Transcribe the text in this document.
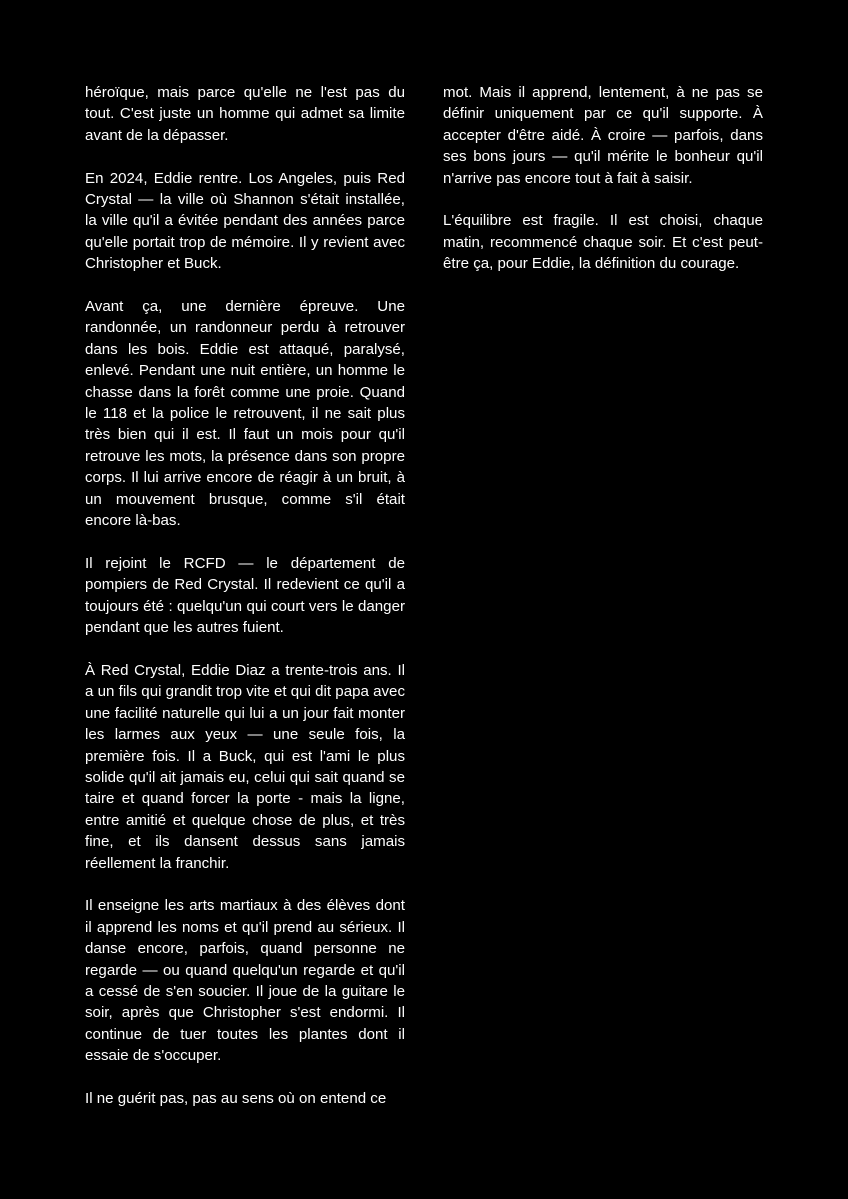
héroïque, mais parce qu'elle ne l'est pas du tout. C'est juste un homme qui admet sa limite avant de la dépasser.

En 2024, Eddie rentre. Los Angeles, puis Red Crystal — la ville où Shannon s'était installée, la ville qu'il a évitée pendant des années parce qu'elle portait trop de mémoire. Il y revient avec Christopher et Buck.

Avant ça, une dernière épreuve. Une randonnée, un randonneur perdu à retrouver dans les bois. Eddie est attaqué, paralysé, enlevé. Pendant une nuit entière, un homme le chasse dans la forêt comme une proie. Quand le 118 et la police le retrouvent, il ne sait plus très bien qui il est. Il faut un mois pour qu'il retrouve les mots, la présence dans son propre corps. Il lui arrive encore de réagir à un bruit, à un mouvement brusque, comme s'il était encore là-bas.

Il rejoint le RCFD — le département de pompiers de Red Crystal. Il redevient ce qu'il a toujours été : quelqu'un qui court vers le danger pendant que les autres fuient.

À Red Crystal, Eddie Diaz a trente-trois ans. Il a un fils qui grandit trop vite et qui dit papa avec une facilité naturelle qui lui a un jour fait monter les larmes aux yeux — une seule fois, la première fois. Il a Buck, qui est l'ami le plus solide qu'il ait jamais eu, celui qui sait quand se taire et quand forcer la porte - mais la ligne, entre amitié et quelque chose de plus, et très fine, et ils dansent dessus sans jamais réellement la franchir.

Il enseigne les arts martiaux à des élèves dont il apprend les noms et qu'il prend au sérieux. Il danse encore, parfois, quand personne ne regarde — ou quand quelqu'un regarde et qu'il a cessé de s'en soucier. Il joue de la guitare le soir, après que Christopher s'est endormi. Il continue de tuer toutes les plantes dont il essaie de s'occuper.

Il ne guérit pas, pas au sens où on entend ce

mot. Mais il apprend, lentement, à ne pas se définir uniquement par ce qu'il supporte. À accepter d'être aidé. À croire — parfois, dans ses bons jours — qu'il mérite le bonheur qu'il n'arrive pas encore tout à fait à saisir.

L'équilibre est fragile. Il est choisi, chaque matin, recommencé chaque soir. Et c'est peut-être ça, pour Eddie, la définition du courage.
